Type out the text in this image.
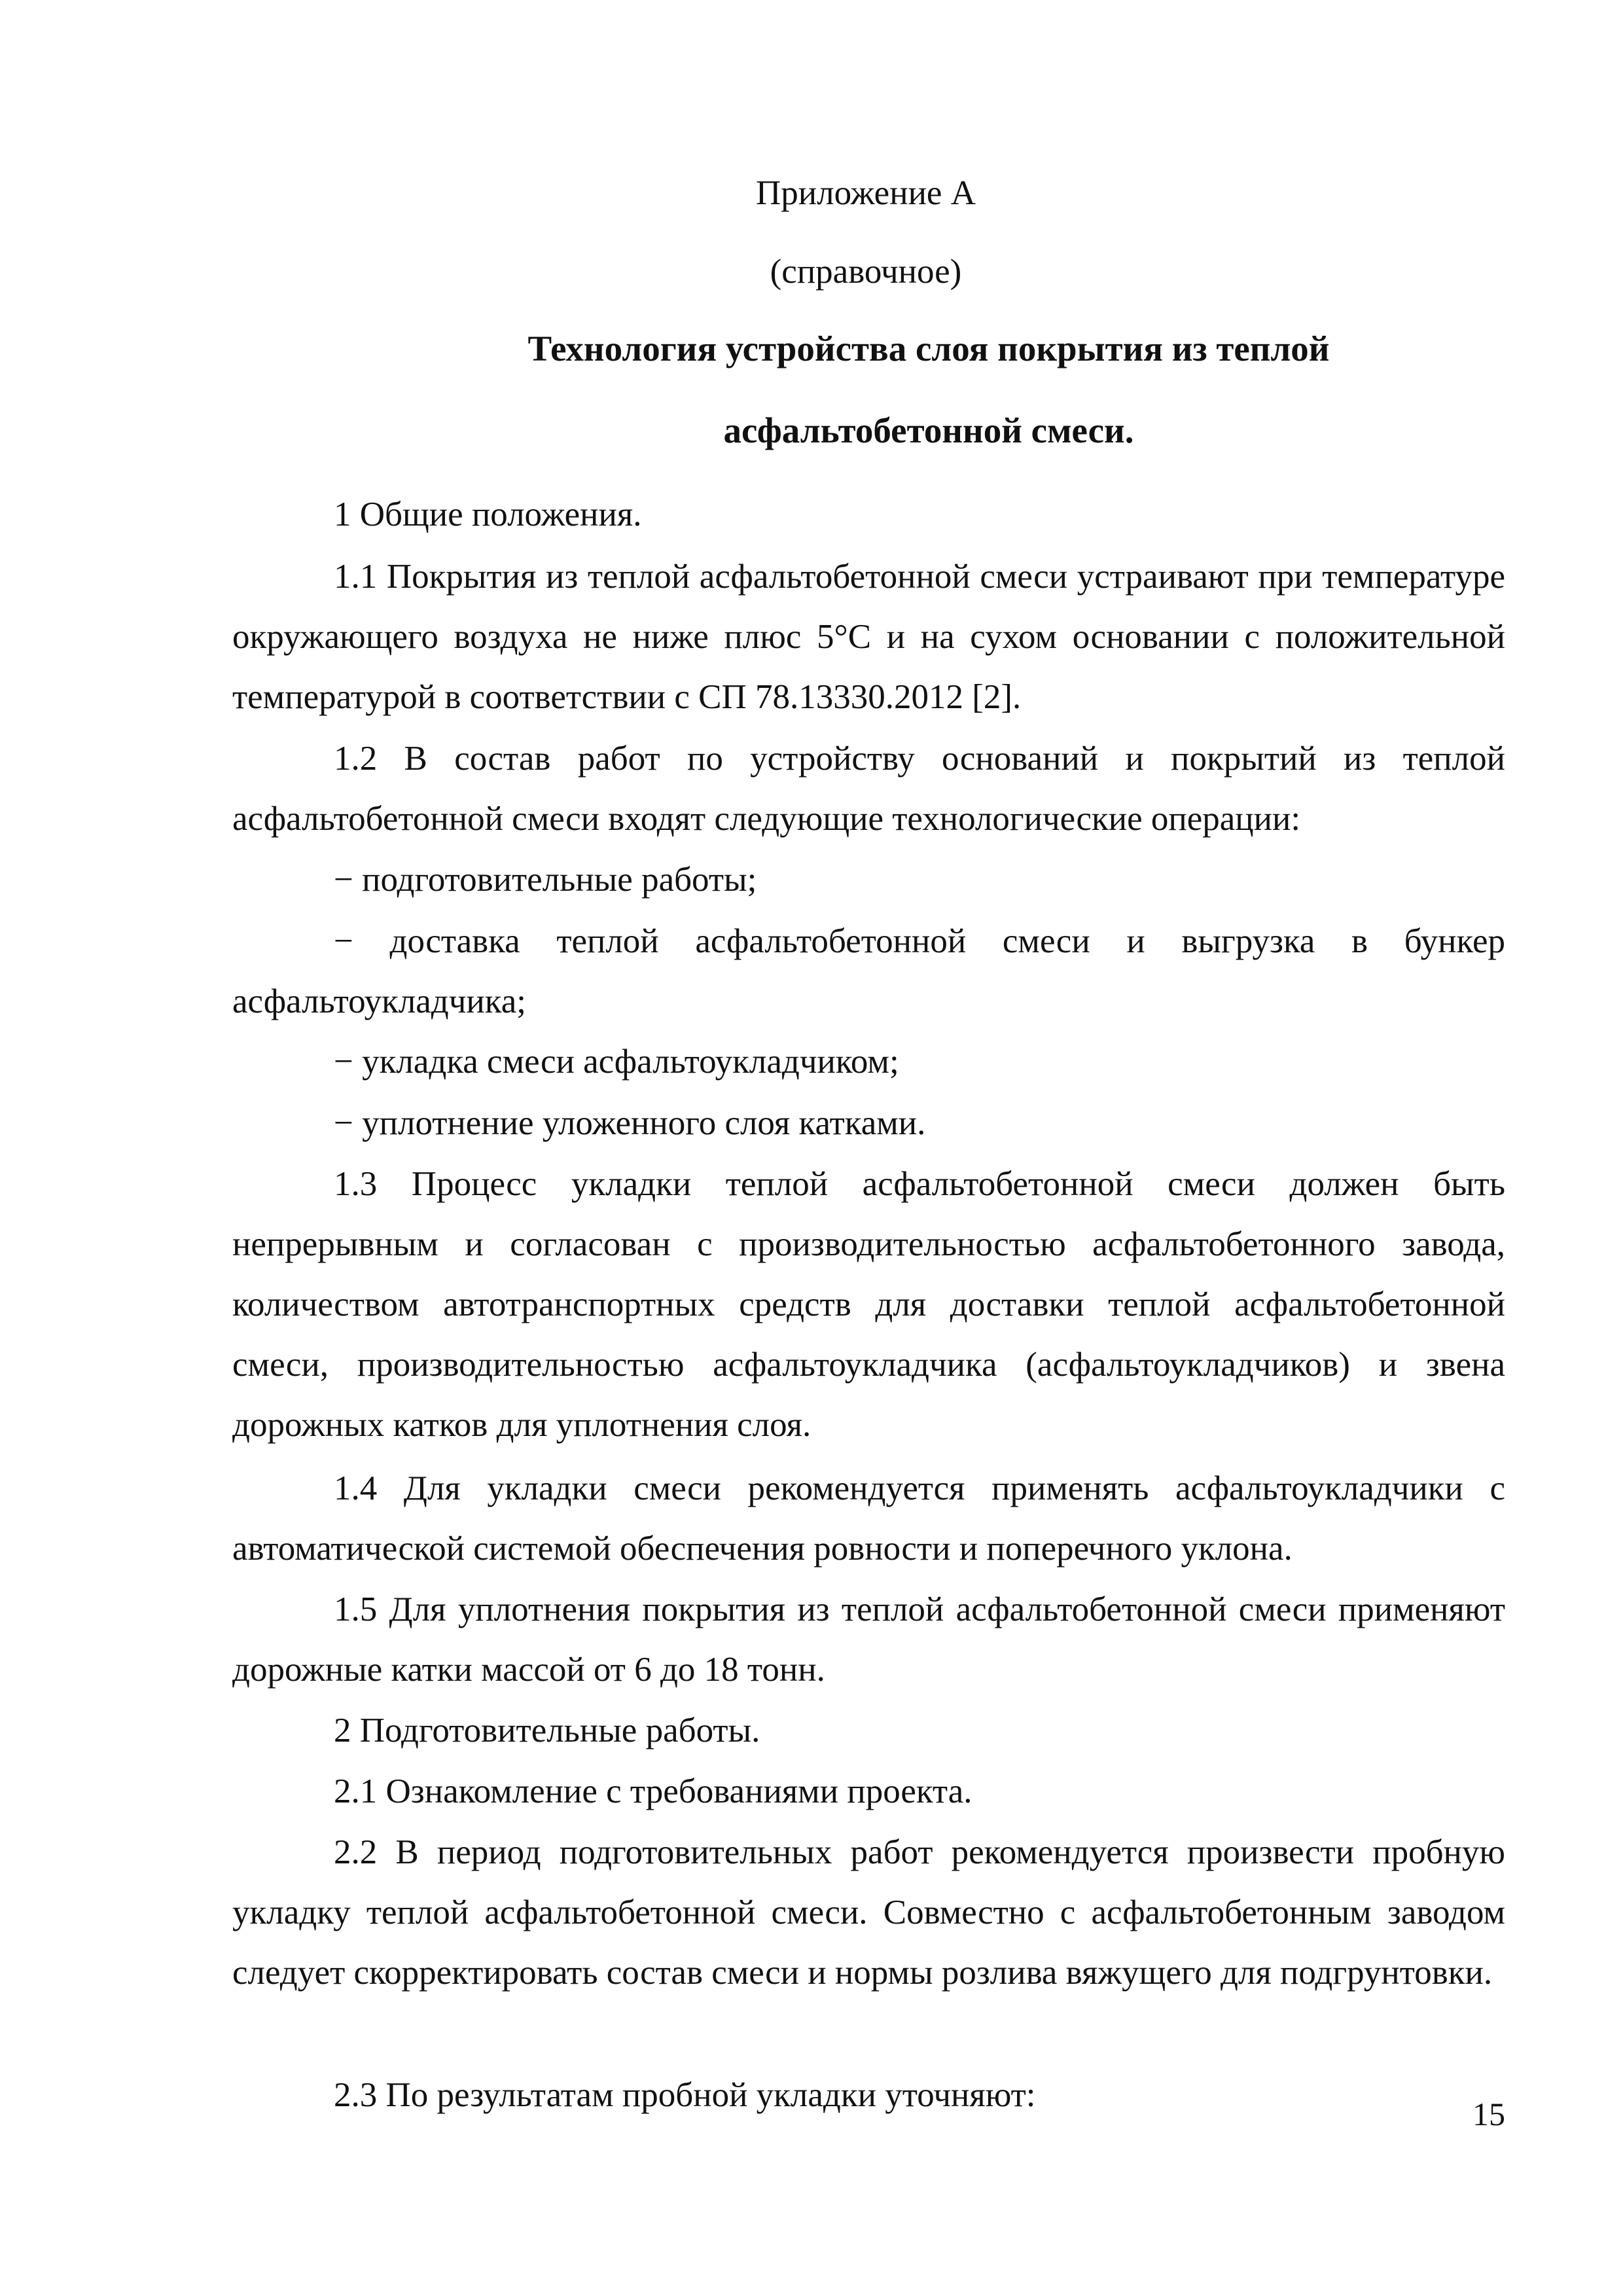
Приложение А

(справочное)

Технология устройства слоя покрытия из теплой

асфальтобетонной смеси.

1 Общие положения.

1.1 Покрытия из теплой асфальтобетонной смеси устраивают при температуре окружающего воздуха не ниже плюс 5°С и на сухом основании с положительной температурой в соответствии с СП 78.13330.2012 [2].

1.2 В состав работ по устройству оснований и покрытий из теплой асфальтобетонной смеси входят следующие технологические операции:

− подготовительные работы;

− доставка теплой асфальтобетонной смеси и выгрузка в бункер асфальтоукладчика;

− укладка смеси асфальтоукладчиком;

− уплотнение уложенного слоя катками.

1.3 Процесс укладки теплой асфальтобетонной смеси должен быть непрерывным и согласован с производительностью асфальтобетонного завода, количеством автотранспортных средств для доставки теплой асфальтобетонной смеси, производительностью асфальтоукладчика (асфальтоукладчиков) и звена дорожных катков для уплотнения слоя.

1.4 Для укладки смеси рекомендуется применять асфальтоукладчики с автоматической системой обеспечения ровности и поперечного уклона.

1.5 Для уплотнения покрытия из теплой асфальтобетонной смеси применяют дорожные катки массой от 6 до 18 тонн.

2 Подготовительные работы.

2.1 Ознакомление с требованиями проекта.

2.2 В период подготовительных работ рекомендуется произвести пробную укладку теплой асфальтобетонной смеси. Совместно с асфальтобетонным заводом следует скорректировать состав смеси и нормы розлива вяжущего для подгрунтовки.

2.3 По результатам пробной укладки уточняют:	15
